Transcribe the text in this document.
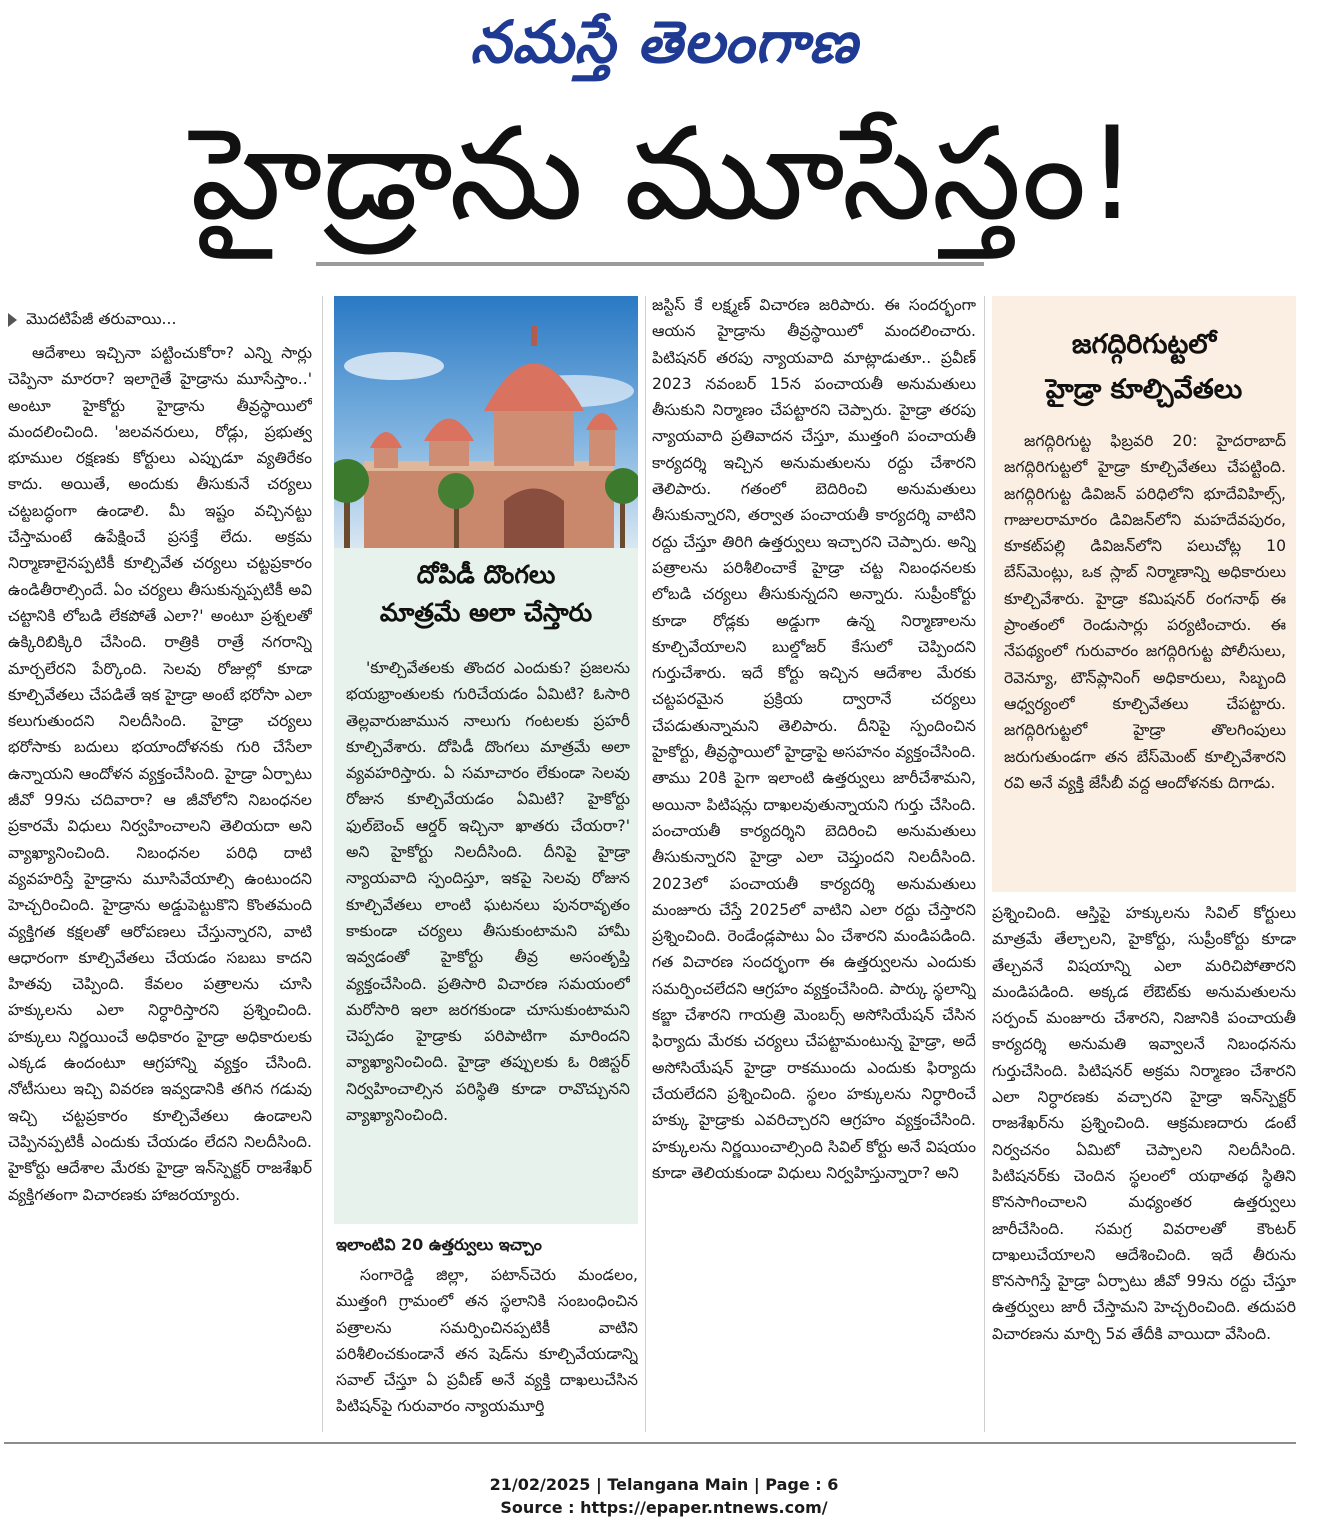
నమస్తే తెలంగాణ
హైడ్రాను మూసేస్తం!
మొదటిపేజీ తరువాయి...

ఆదేశాలు ఇచ్చినా పట్టించుకోరా? ఎన్ని సార్లు చెప్పినా మారరా? ఇలాగైతే హైడ్రాను మూసేస్తాం..' అంటూ హైకోర్టు హైడ్రాను తీవ్రస్థాయిలో మందలించింది. 'జలవనరులు, రోడ్లు, ప్రభుత్వ భూముల రక్షణకు కోర్టులు ఎప్పుడూ వ్యతిరేకం కాదు. అయితే, అందుకు తీసుకునే చర్యలు చట్టబద్ధంగా ఉండాలి. మీ ఇష్టం వచ్చినట్టు చేస్తామంటే ఉపేక్షించే ప్రసక్తే లేదు. అక్రమ నిర్మాణాలైనప్పటికీ కూల్చివేత చర్యలు చట్టప్రకారం ఉండితీరాల్సిందే. ఏం చర్యలు తీసుకున్నప్పటికీ అవి చట్టానికి లోబడి లేకపోతే ఎలా?' అంటూ ప్రశ్నలతో ఉక్కిరిబిక్కిరి చేసింది. రాత్రికి రాత్రే నగరాన్ని మార్చలేరని పేర్కొంది. సెలవు రోజుల్లో కూడా కూల్చివేతలు చేపడితే ఇక హైడ్రా అంటే భరోసా ఎలా కలుగుతుందని నిలదీసింది. హైడ్రా చర్యలు భరోసాకు బదులు భయాందోళనకు గురి చేసేలా ఉన్నాయని ఆందోళన వ్యక్తంచేసింది. హైడ్రా ఏర్పాటు జీవో 99ను చదివారా? ఆ జీవోలోని నిబంధనల ప్రకారమే విధులు నిర్వహించాలని తెలియదా అని వ్యాఖ్యానించింది. నిబంధనల పరిధి దాటి వ్యవహరిస్తే హైడ్రాను మూసివేయాల్సి ఉంటుందని హెచ్చరించింది. హైడ్రాను అడ్డుపెట్టుకొని కొంతమంది వ్యక్తిగత కక్షలతో ఆరోపణలు చేస్తున్నారని, వాటి ఆధారంగా కూల్చివేతలు చేయడం సబబు కాదని హితవు చెప్పింది. కేవలం పత్రాలను చూసి హక్కులను ఎలా నిర్ధారిస్తారని ప్రశ్నించింది. హక్కులు నిర్ణయించే అధికారం హైడ్రా అధికారులకు ఎక్కడ ఉందంటూ ఆగ్రహాన్ని వ్యక్తం చేసింది. నోటీసులు ఇచ్చి వివరణ ఇవ్వడానికి తగిన గడువు ఇచ్చి చట్టప్రకారం కూల్చివేతలు ఉండాలని చెప్పినప్పటికీ ఎందుకు చేయడం లేదని నిలదీసింది. హైకోర్టు ఆదేశాల మేరకు హైడ్రా ఇన్‌స్పెక్టర్ రాజశేఖర్ వ్యక్తిగతంగా విచారణకు హాజరయ్యారు.

దోపిడీ దొంగలు
మాత్రమే అలా చేస్తారు

'కూల్చివేతలకు తొందర ఎందుకు? ప్రజలను భయభ్రాంతులకు గురిచేయడం ఏమిటి? ఓసారి తెల్లవారుజామున నాలుగు గంటలకు ప్రహరీ కూల్చివేశారు. దోపిడీ దొంగలు మాత్రమే అలా వ్యవహరిస్తారు. ఏ సమాచారం లేకుండా సెలవు రోజున కూల్చివేయడం ఏమిటి? హైకోర్టు ఫుల్‌బెంచ్ ఆర్డర్ ఇచ్చినా ఖాతరు చేయరా?' అని హైకోర్టు నిలదీసింది. దీనిపై హైడ్రా న్యాయవాది స్పందిస్తూ, ఇకపై సెలవు రోజున కూల్చివేతలు లాంటి ఘటనలు పునరావృతం కాకుండా చర్యలు తీసుకుంటామని హామీ ఇవ్వడంతో హైకోర్టు తీవ్ర అసంతృప్తి వ్యక్తంచేసింది. ప్రతిసారి విచారణ సమయంలో మరోసారి ఇలా జరగకుండా చూసుకుంటామని చెప్పడం హైడ్రాకు పరిపాటిగా మారిందని వ్యాఖ్యానించింది. హైడ్రా తప్పులకు ఓ రిజిస్టర్ నిర్వహించాల్సిన పరిస్థితి కూడా రావొచ్చునని వ్యాఖ్యానించింది.

ఇలాంటివి 20 ఉత్తర్వులు ఇచ్చాం

సంగారెడ్డి జిల్లా, పటాన్‌చెరు మండలం, ముత్తంగి గ్రామంలో తన స్థలానికి సంబంధించిన పత్రాలను సమర్పించినప్పటికీ వాటిని పరిశీలించకుండానే తన షెడ్‌ను కూల్చివేయడాన్ని సవాల్ చేస్తూ ఏ ప్రవీణ్ అనే వ్యక్తి దాఖలుచేసిన పిటిషన్‌పై గురువారం న్యాయమూర్తి

జస్టిస్ కే లక్ష్మణ్ విచారణ జరిపారు. ఈ సందర్భంగా ఆయన హైడ్రాను తీవ్రస్థాయిలో మందలించారు. పిటిషనర్ తరపు న్యాయవాది మాట్లాడుతూ.. ప్రవీణ్ 2023 నవంబర్ 15న పంచాయతీ అనుమతులు తీసుకుని నిర్మాణం చేపట్టారని చెప్పారు. హైడ్రా తరపు న్యాయవాది ప్రతివాదన చేస్తూ, ముత్తంగి పంచాయతీ కార్యదర్శి ఇచ్చిన అనుమతులను రద్దు చేశారని తెలిపారు. గతంలో బెదిరించి అనుమతులు తీసుకున్నారని, తర్వాత పంచాయతీ కార్యదర్శి వాటిని రద్దు చేస్తూ తిరిగి ఉత్తర్వులు ఇచ్చారని చెప్పారు. అన్ని పత్రాలను పరిశీలించాకే హైడ్రా చట్ట నిబంధనలకు లోబడి చర్యలు తీసుకున్నదని అన్నారు. సుప్రీంకోర్టు కూడా రోడ్లకు అడ్డుగా ఉన్న నిర్మాణాలను కూల్చివేయాలని బుల్డోజర్ కేసులో చెప్పిందని గుర్తుచేశారు. ఇదే కోర్టు ఇచ్చిన ఆదేశాల మేరకు చట్టపరమైన ప్రక్రియ ద్వారానే చర్యలు చేపడుతున్నామని తెలిపారు. దీనిపై స్పందించిన హైకోర్టు, తీవ్రస్థాయిలో హైడ్రాపై అసహనం వ్యక్తంచేసింది. తాము 20కి పైగా ఇలాంటి ఉత్తర్వులు జారీచేశామని, అయినా పిటిషన్లు దాఖలవుతున్నాయని గుర్తు చేసింది. పంచాయతీ కార్యదర్శిని బెదిరించి అనుమతులు తీసుకున్నారని హైడ్రా ఎలా చెప్తుందని నిలదీసింది. 2023లో పంచాయతీ కార్యదర్శి అనుమతులు మంజూరు చేస్తే 2025లో వాటిని ఎలా రద్దు చేస్తారని ప్రశ్నించింది. రెండేండ్లపాటు ఏం చేశారని మండిపడింది. గత విచారణ సందర్భంగా ఈ ఉత్తర్వులను ఎందుకు సమర్పించలేదని ఆగ్రహం వ్యక్తంచేసింది. పార్కు స్థలాన్ని కబ్జా చేశారని గాయత్రి మెంబర్స్ అసోసియేషన్ చేసిన ఫిర్యాదు మేరకు చర్యలు చేపట్టామంటున్న హైడ్రా, అదే అసోసియేషన్ హైడ్రా రాకముందు ఎందుకు ఫిర్యాదు చేయలేదని ప్రశ్నించింది. స్థలం హక్కులను నిర్ధారించే హక్కు హైడ్రాకు ఎవరిచ్చారని ఆగ్రహం వ్యక్తంచేసింది. హక్కులను నిర్ణయించాల్సింది సివిల్ కోర్టు అనే విషయం కూడా తెలియకుండా విధులు నిర్వహిస్తున్నారా? అని

జగద్గిరిగుట్టలో
హైడ్రా కూల్చివేతలు

జగద్గిరిగుట్ట ఫిబ్రవరి 20: హైదరాబాద్ జగద్గిరిగుట్టలో హైడ్రా కూల్చివేతలు చేపట్టింది. జగద్గిరిగుట్ట డివిజన్ పరిధిలోని భూదేవిహిల్స్, గాజులరామారం డివిజన్‌లోని మహదేవపురం, కూకట్‌పల్లి డివిజన్‌లోని పలుచోట్ల 10 బేస్‌మెంట్లు, ఒక స్లాబ్ నిర్మాణాన్ని అధికారులు కూల్చివేశారు. హైడ్రా కమిషనర్ రంగనాథ్ ఈ ప్రాంతంలో రెండుసార్లు పర్యటించారు. ఈ నేపథ్యంలో గురువారం జగద్గిరిగుట్ట పోలీసులు, రెవెన్యూ, టౌన్‌ప్లానింగ్ అధికారులు, సిబ్బంది ఆధ్వర్యంలో కూల్చివేతలు చేపట్టారు. జగద్గిరిగుట్టలో హైడ్రా తొలగింపులు జరుగుతుండగా తన బేస్‌మెంట్ కూల్చివేశారని రవి అనే వ్యక్తి జేసీబీ వద్ద ఆందోళనకు దిగాడు.

ప్రశ్నించింది. ఆస్తిపై హక్కులను సివిల్ కోర్టులు మాత్రమే తేల్చాలని, హైకోర్టు, సుప్రీంకోర్టు కూడా తేల్చవనే విషయాన్ని ఎలా మరిచిపోతారని మండిపడింది. అక్కడ లేఔట్‌కు అనుమతులను సర్పంచ్ మంజూరు చేశారని, నిజానికి పంచాయతీ కార్యదర్శి అనుమతి ఇవ్వాలనే నిబంధనను గుర్తుచేసింది. పిటిషనర్ అక్రమ నిర్మాణం చేశారని ఎలా నిర్ధారణకు వచ్చారని హైడ్రా ఇన్‌స్పెక్టర్ రాజశేఖర్‌ను ప్రశ్నించింది. ఆక్రమణదారు డంటే నిర్వచనం ఏమిటో చెప్పాలని నిలదీసింది. పిటిషనర్‌కు చెందిన స్థలంలో యథాతథ స్థితిని కొనసాగించాలని మధ్యంతర ఉత్తర్వులు జారీచేసింది. సమగ్ర వివరాలతో కౌంటర్ దాఖలుచేయాలని ఆదేశించింది. ఇదే తీరును కొనసాగిస్తే హైడ్రా ఏర్పాటు జీవో 99ను రద్దు చేస్తూ ఉత్తర్వులు జారీ చేస్తామని హెచ్చరించింది. తదుపరి విచారణను మార్చి 5వ తేదీకి వాయిదా వేసింది.

21/02/2025 | Telangana Main | Page : 6
Source : https://epaper.ntnews.com/
